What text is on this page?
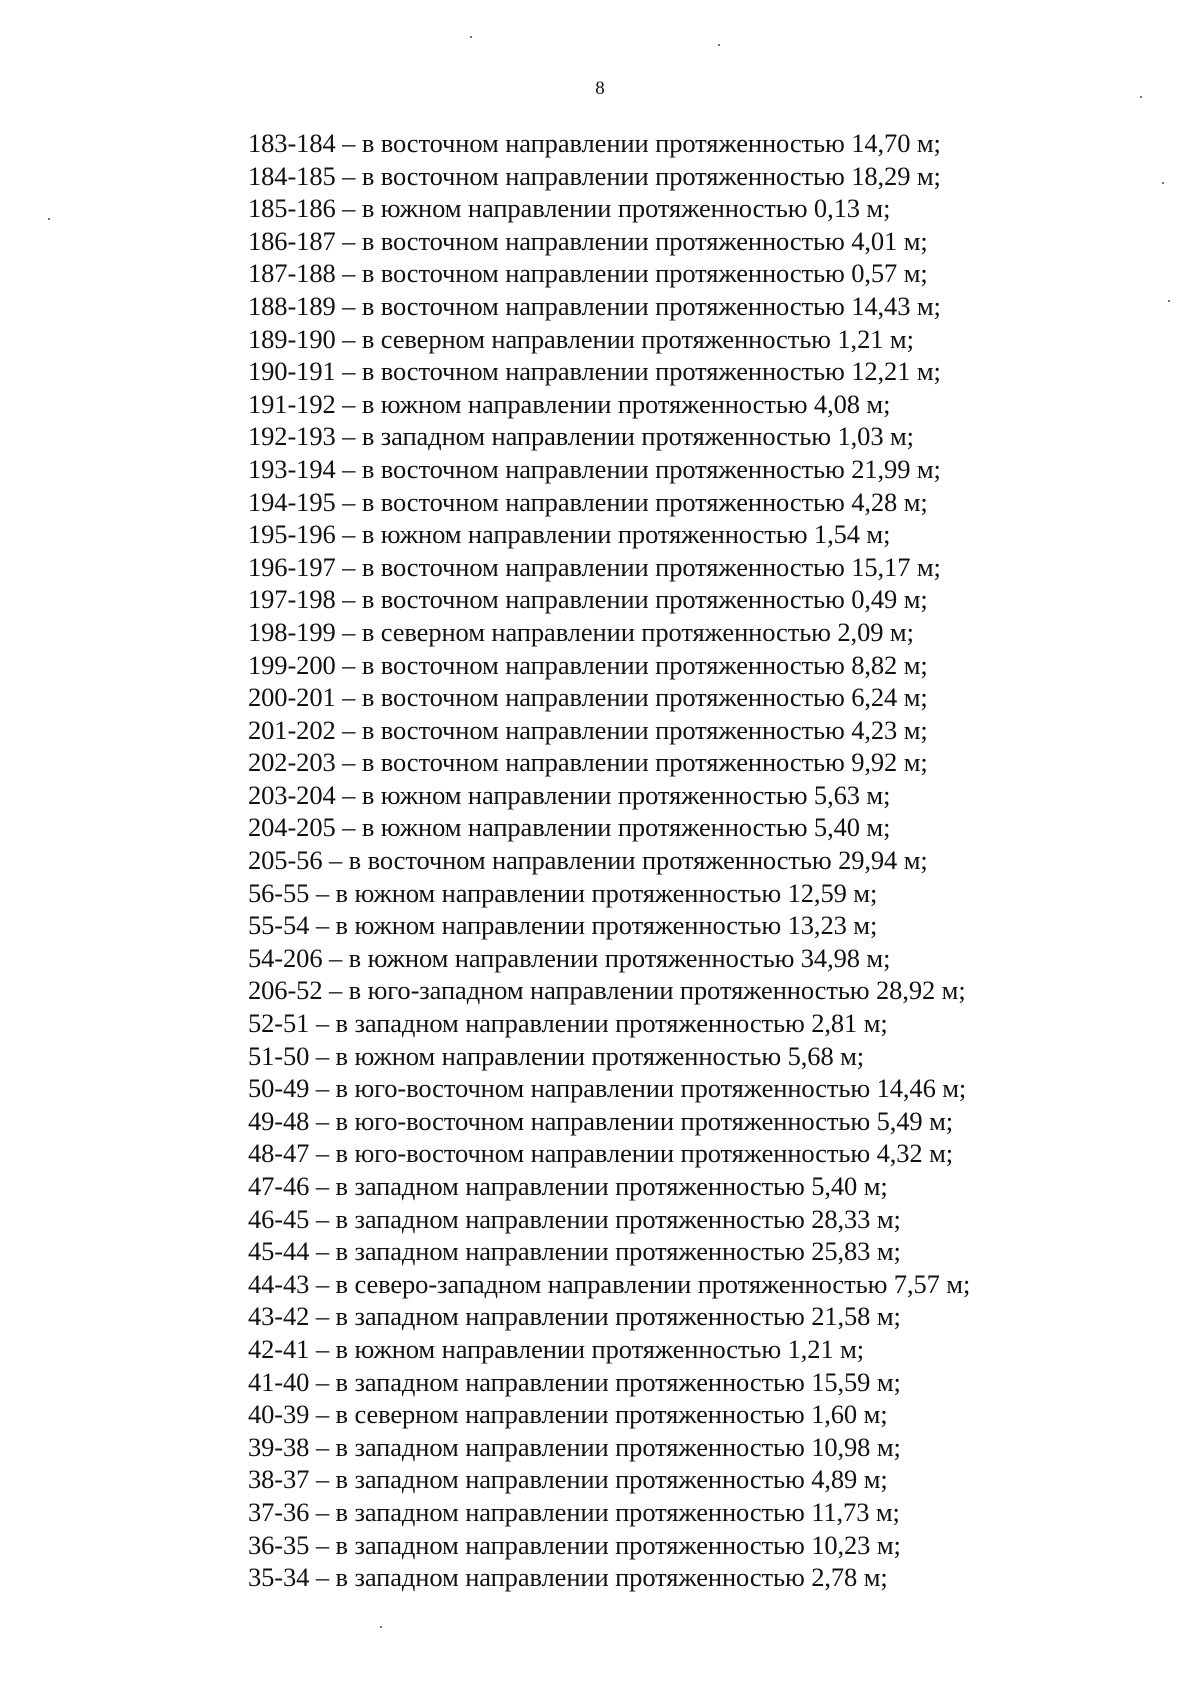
8
183-184 – в восточном направлении протяженностью 14,70 м;
184-185 – в восточном направлении протяженностью 18,29 м;
185-186 – в южном направлении протяженностью 0,13 м;
186-187 – в восточном направлении протяженностью 4,01 м;
187-188 – в восточном направлении протяженностью 0,57 м;
188-189 – в восточном направлении протяженностью 14,43 м;
189-190 – в северном направлении протяженностью 1,21 м;
190-191 – в восточном направлении протяженностью 12,21 м;
191-192 – в южном направлении протяженностью 4,08 м;
192-193 – в западном направлении протяженностью 1,03 м;
193-194 – в восточном направлении протяженностью 21,99 м;
194-195 – в восточном направлении протяженностью 4,28 м;
195-196 – в южном направлении протяженностью 1,54 м;
196-197 – в восточном направлении протяженностью 15,17 м;
197-198 – в восточном направлении протяженностью 0,49 м;
198-199 – в северном направлении протяженностью 2,09 м;
199-200 – в восточном направлении протяженностью 8,82 м;
200-201 – в восточном направлении протяженностью 6,24 м;
201-202 – в восточном направлении протяженностью 4,23 м;
202-203 – в восточном направлении протяженностью 9,92 м;
203-204 – в южном направлении протяженностью 5,63 м;
204-205 – в южном направлении протяженностью 5,40 м;
205-56 – в восточном направлении протяженностью 29,94 м;
56-55 – в южном направлении протяженностью 12,59 м;
55-54 – в южном направлении протяженностью 13,23 м;
54-206 – в южном направлении протяженностью 34,98 м;
206-52 – в юго-западном направлении протяженностью 28,92 м;
52-51 – в западном направлении протяженностью 2,81 м;
51-50 – в южном направлении протяженностью 5,68 м;
50-49 – в юго-восточном направлении протяженностью 14,46 м;
49-48 – в юго-восточном направлении протяженностью 5,49 м;
48-47 – в юго-восточном направлении протяженностью 4,32 м;
47-46 – в западном направлении протяженностью 5,40 м;
46-45 – в западном направлении протяженностью 28,33 м;
45-44 – в западном направлении протяженностью 25,83 м;
44-43 – в северо-западном направлении протяженностью 7,57 м;
43-42 – в западном направлении протяженностью 21,58 м;
42-41 – в южном направлении протяженностью 1,21 м;
41-40 – в западном направлении протяженностью 15,59 м;
40-39 – в северном направлении протяженностью 1,60 м;
39-38 – в западном направлении протяженностью 10,98 м;
38-37 – в западном направлении протяженностью 4,89 м;
37-36 – в западном направлении протяженностью 11,73 м;
36-35 – в западном направлении протяженностью 10,23 м;
35-34 – в западном направлении протяженностью 2,78 м;
